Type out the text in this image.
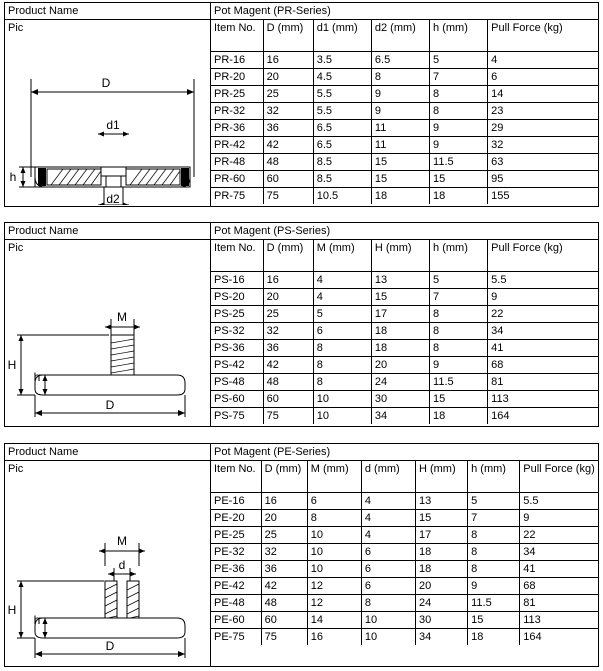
Product Name
Pic
D
d1
h
d2
Pot Magent (PR-Series)
Item No.	D (mm)	d1 (mm)	d2 (mm)	h (mm)	Pull Force (kg)
PR-16	16	3.5	6.5	5	4
PR-20	20	4.5	8	7	6
PR-25	25	5.5	9	8	14
PR-32	32	5.5	9	8	23
PR-36	36	6.5	11	9	29
PR-42	42	6.5	11	9	32
PR-48	48	8.5	15	11.5	63
PR-60	60	8.5	15	15	95
PR-75	75	10.5	18	18	155
Product Name
Pic
M
H
h
D
Pot Magent (PS-Series)
Item No.	D (mm)	M (mm)	H (mm)	h (mm)	Pull Force (kg)
PS-16	16	4	13	5	5.5
PS-20	20	4	15	7	9
PS-25	25	5	17	8	22
PS-32	32	6	18	8	34
PS-36	36	8	18	8	41
PS-42	42	8	20	9	68
PS-48	48	8	24	11.5	81
PS-60	60	10	30	15	113
PS-75	75	10	34	18	164
Product Name
Pic
M
d
H
h
D
Pot Magent (PE-Series)
Item No.	D (mm)	M (mm)	d (mm)	H (mm)	h (mm)	Pull Force (kg)
PE-16	16	6	4	13	5	5.5
PE-20	20	8	4	15	7	9
PE-25	25	10	4	17	8	22
PE-32	32	10	6	18	8	34
PE-36	36	10	6	18	8	41
PE-42	42	12	6	20	9	68
PE-48	48	12	8	24	11.5	81
PE-60	60	14	10	30	15	113
PE-75	75	16	10	34	18	164
